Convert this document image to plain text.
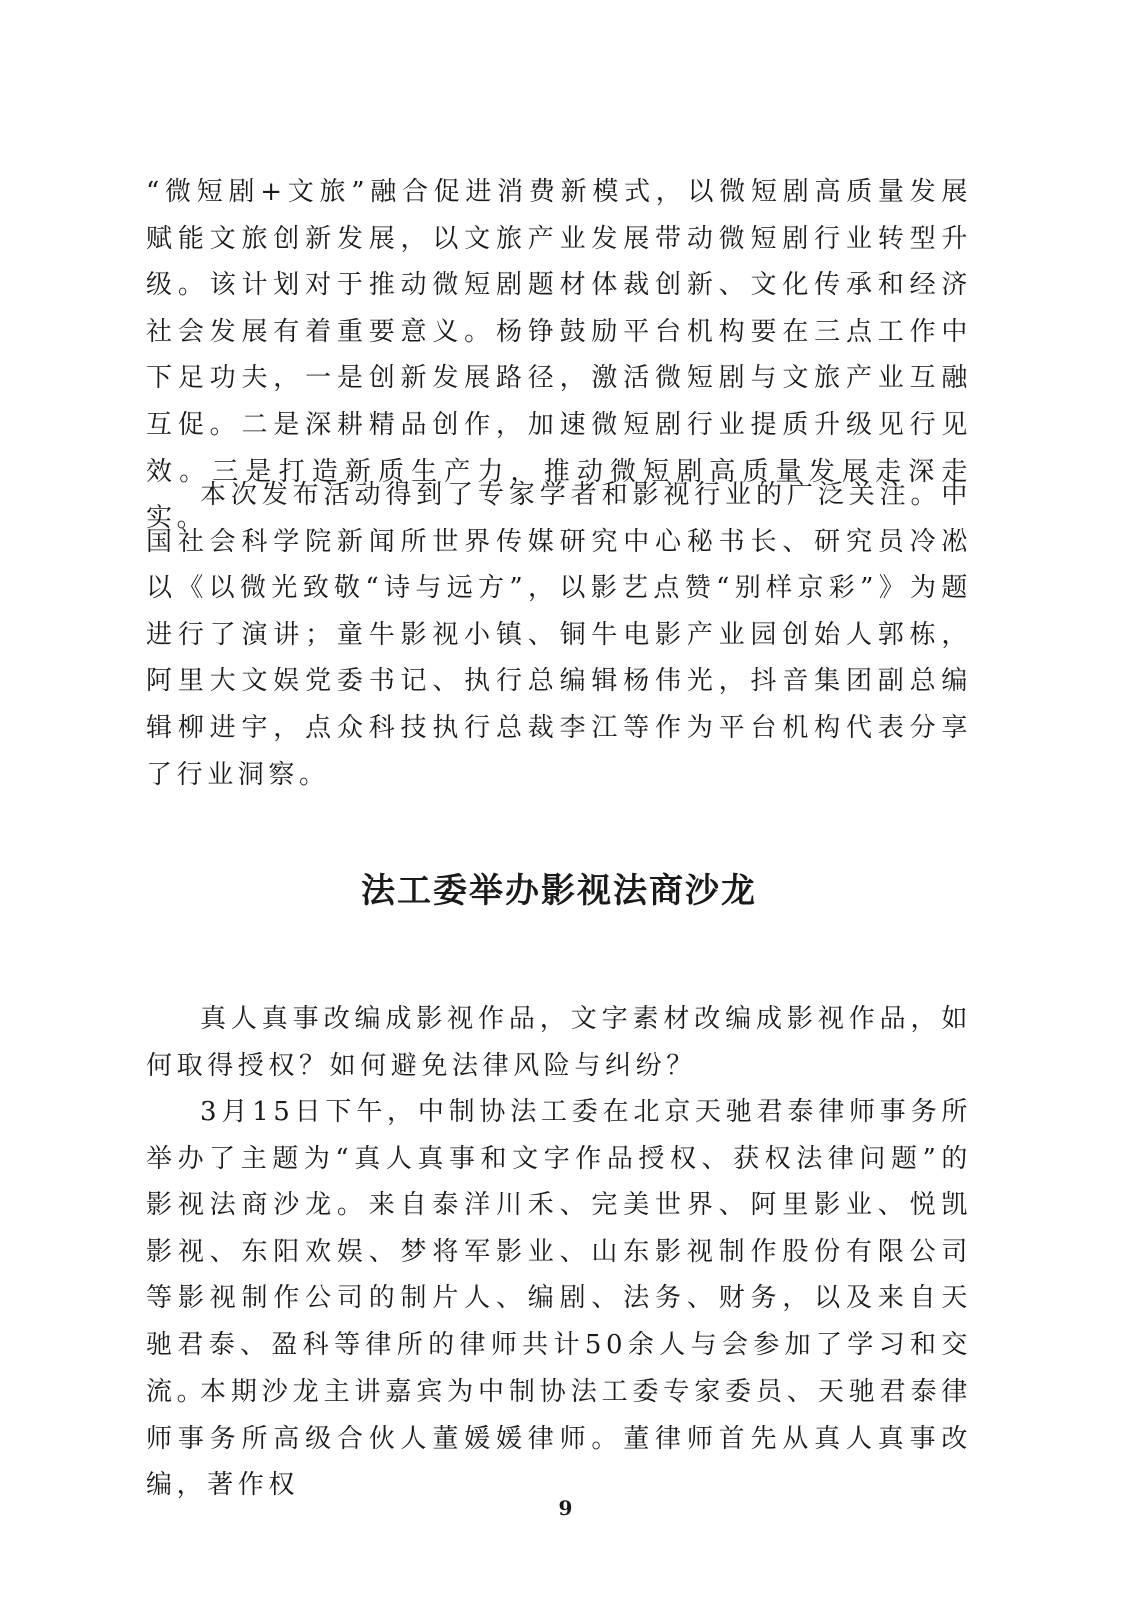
“微短剧+文旅”融合促进消费新模式，以微短剧高质量发展赋能文旅创新发展，以文旅产业发展带动微短剧行业转型升级。该计划对于推动微短剧题材体裁创新、文化传承和经济社会发展有着重要意义。杨铮鼓励平台机构要在三点工作中下足功夫，一是创新发展路径，激活微短剧与文旅产业互融互促。二是深耕精品创作，加速微短剧行业提质升级见行见效。三是打造新质生产力，推动微短剧高质量发展走深走实。

本次发布活动得到了专家学者和影视行业的广泛关注。中国社会科学院新闻所世界传媒研究中心秘书长、研究员冷凇以《以微光致敬“诗与远方”，以影艺点赞“别样京彩”》为题进行了演讲；童牛影视小镇、铜牛电影产业园创始人郭栋，阿里大文娱党委书记、执行总编辑杨伟光，抖音集团副总编辑柳进宇，点众科技执行总裁李江等作为平台机构代表分享了行业洞察。

法工委举办影视法商沙龙

真人真事改编成影视作品，文字素材改编成影视作品，如何取得授权？如何避免法律风险与纠纷？

3月15日下午，中制协法工委在北京天驰君泰律师事务所举办了主题为“真人真事和文字作品授权、获权法律问题”的影视法商沙龙。来自泰洋川禾、完美世界、阿里影业、悦凯影视、东阳欢娱、梦将军影业、山东影视制作股份有限公司等影视制作公司的制片人、编剧、法务、财务，以及来自天驰君泰、盈科等律所的律师共计50余人与会参加了学习和交流。

本期沙龙主讲嘉宾为中制协法工委专家委员、天驰君泰律师事务所高级合伙人董媛媛律师。董律师首先从真人真事改编，著作权

9
